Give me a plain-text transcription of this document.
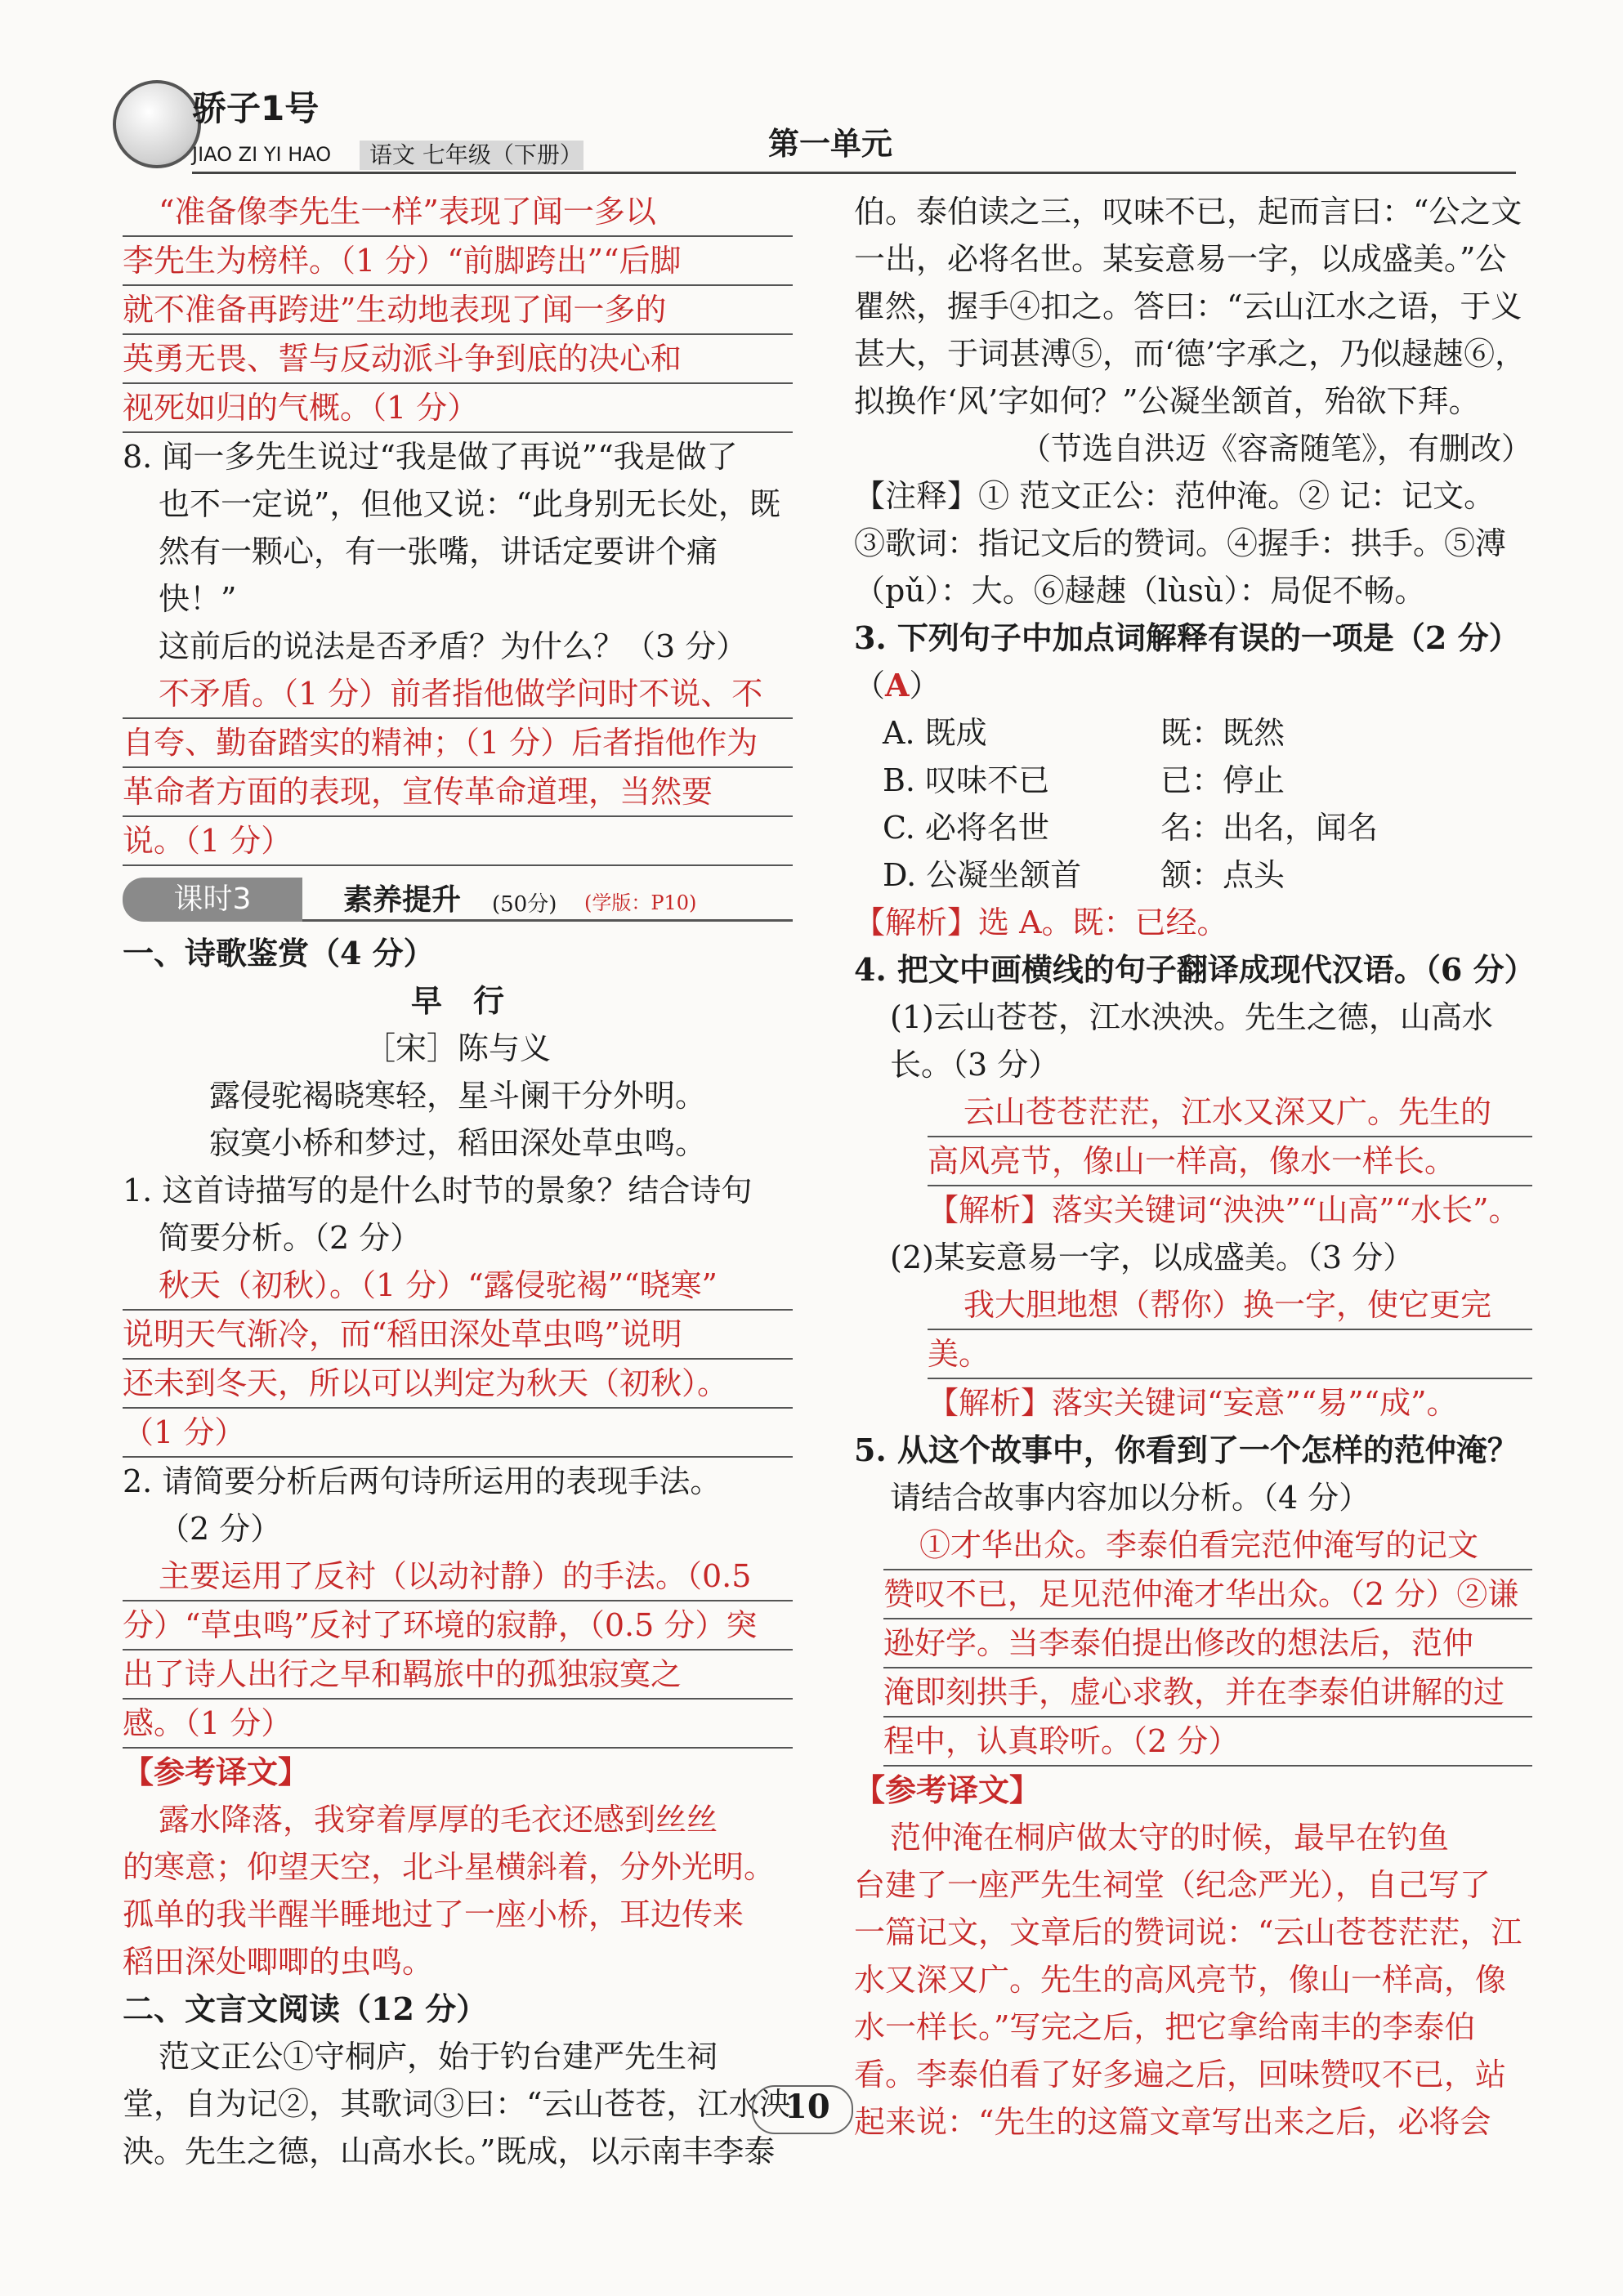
骄子1号
JIAO ZI YI HAO	语文 七年级（下册）	第一单元
“准备像李先生一样”表现了闻一多以
李先生为榜样。（1 分）“前脚跨出”“后脚
就不准备再跨进”生动地表现了闻一多的
英勇无畏、誓与反动派斗争到底的决心和
视死如归的气概。（1 分）

8. 闻一多先生说过“我是做了再说”“我是做了

也不一定说”，但他又说：“此身别无长处，既

然有一颗心，有一张嘴，讲话定要讲个痛快！”

这前后的说法是否矛盾？为什么？（3 分）

不矛盾。（1 分）前者指他做学问时不说、不
自夸、勤奋踏实的精神；（1 分）后者指他作为
革命者方面的表现，宣传革命道理，当然要
说。（1 分）
课时3	素养提升 (50分) (学版：P10)

一、诗歌鉴赏（4 分）

早　行

［宋］陈与义

露侵驼褐晓寒轻，星斗阑干分外明。

寂寞小桥和梦过，稻田深处草虫鸣。

1. 这首诗描写的是什么时节的景象？结合诗句

简要分析。（2 分）

秋天（初秋）。（1 分）“露侵驼褐”“晓寒”
说明天气渐冷，而“稻田深处草虫鸣”说明
还未到冬天，所以可以判定为秋天（初秋）。
（1 分）

2. 请简要分析后两句诗所运用的表现手法。

（2 分）

主要运用了反衬（以动衬静）的手法。（0.5
分）“草虫鸣”反衬了环境的寂静，（0.5 分）突
出了诗人出行之早和羁旅中的孤独寂寞之
感。（1 分）

【参考译文】

露水降落，我穿着厚厚的毛衣还感到丝丝

的寒意；仰望天空，北斗星横斜着，分外光明。

孤单的我半醒半睡地过了一座小桥，耳边传来

稻田深处唧唧的虫鸣。

二、文言文阅读（12 分）

范文正公①守桐庐，始于钓台建严先生祠

堂，自为记②，其歌词③曰：“云山苍苍，江水泱

泱。先生之德，山高水长。”既成，以示南丰李泰

伯。泰伯读之三，叹味不已，起而言曰：“公之文

一出，必将名世。某妄意易一字，以成盛美。”公

瞿然，握手④扣之。答曰：“云山江水之语，于义

甚大，于词甚溥⑤，而‘德’字承之，乃似趢趚⑥，

拟换作‘风’字如何？”公凝坐颔首，殆欲下拜。

（节选自洪迈《容斋随笔》，有删改）

【注释】① 范文正公：范仲淹。② 记：记文。

③歌词：指记文后的赞词。④握手：拱手。⑤溥

（pǔ）：大。⑥趢趚（lùsù）：局促不畅。

3. 下列句子中加点词解释有误的一项是（2 分）

（A）

A. 既成	既：既然
B. 叹味不已	已：停止
C. 必将名世	名：出名，闻名
D. 公凝坐颔首	颔：点头

【解析】选 A。既：已经。

4. 把文中画横线的句子翻译成现代汉语。（6 分）

(1)云山苍苍，江水泱泱。先生之德，山高水

长。（3 分）

云山苍苍茫茫，江水又深又广。先生的
高风亮节，像山一样高，像水一样长。

【解析】落实关键词“泱泱”“山高”“水长”。

(2)某妄意易一字，以成盛美。（3 分）

我大胆地想（帮你）换一字，使它更完
美。

【解析】落实关键词“妄意”“易”“成”。

5. 从这个故事中，你看到了一个怎样的范仲淹？

请结合故事内容加以分析。（4 分）

①才华出众。李泰伯看完范仲淹写的记文
赞叹不已，足见范仲淹才华出众。（2 分）②谦
逊好学。当李泰伯提出修改的想法后，范仲
淹即刻拱手，虚心求教，并在李泰伯讲解的过
程中，认真聆听。（2 分）

【参考译文】

范仲淹在桐庐做太守的时候，最早在钓鱼

台建了一座严先生祠堂（纪念严光），自己写了

一篇记文，文章后的赞词说：“云山苍苍茫茫，江

水又深又广。先生的高风亮节，像山一样高，像

水一样长。”写完之后，把它拿给南丰的李泰伯

看。李泰伯看了好多遍之后，回味赞叹不已，站

起来说：“先生的这篇文章写出来之后，必将会

10
